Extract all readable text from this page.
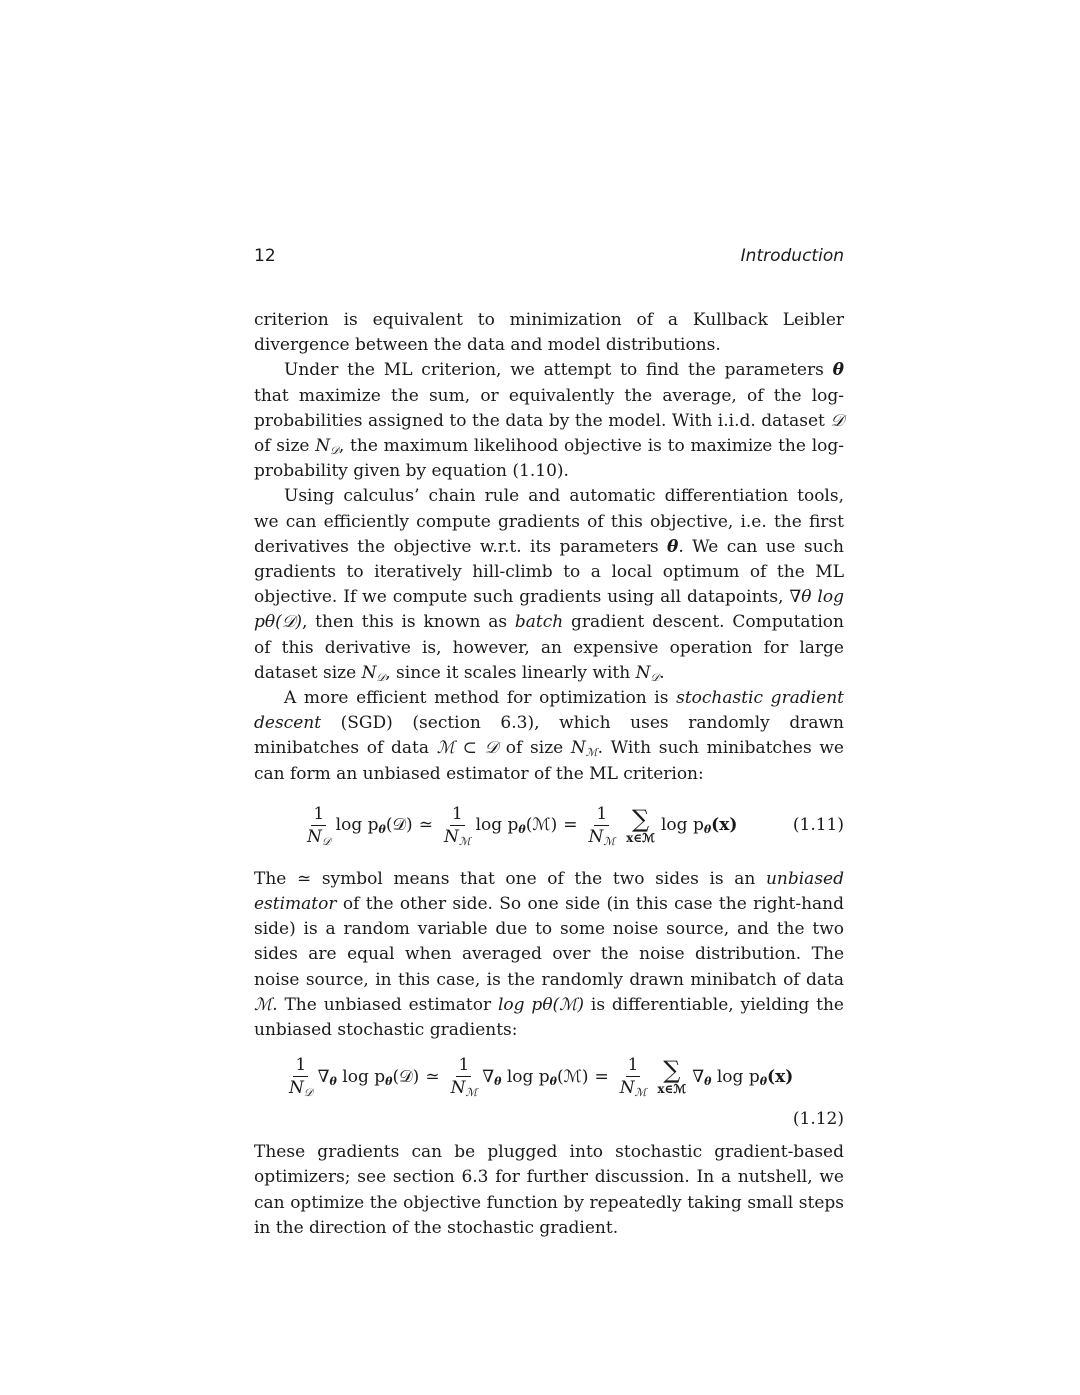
12	Introduction

criterion is equivalent to minimization of a Kullback Leibler divergence between the data and model distributions.

Under the ML criterion, we attempt to find the parameters θ that maximize the sum, or equivalently the average, of the log-probabilities assigned to the data by the model. With i.i.d. dataset 𝒟 of size $N_𝒟$, the maximum likelihood objective is to maximize the log-probability given by equation (1.10).

Using calculus’ chain rule and automatic differentiation tools, we can efficiently compute gradients of this objective, i.e. the first derivatives the objective w.r.t. its parameters θ. We can use such gradients to iteratively hill-climb to a local optimum of the ML objective. If we compute such gradients using all datapoints, ∇θ log pθ(𝒟), then this is known as batch gradient descent. Computation of this derivative is, however, an expensive operation for large dataset size $N_𝒟$, since it scales linearly with $N_𝒟$.

A more efficient method for optimization is stochastic gradient descent (SGD) (section 6.3), which uses randomly drawn minibatches of data ℳ ⊂ 𝒟 of size $N_ℳ$. With such minibatches we can form an unbiased estimator of the ML criterion:

$\frac{1}{N_𝒟}$ $\log p_\theta(𝒟)$ ≃ $\frac{1}{N_ℳ}$ $\log p_\theta(ℳ) = \frac{1}{N_ℳ}$ ∑
x∈ℳ
$\log p_\theta(x)$	(1.11)

The ≃ symbol means that one of the two sides is an unbiased estimator of the other side. So one side (in this case the right-hand side) is a random variable due to some noise source, and the two sides are equal when averaged over the noise distribution. The noise source, in this case, is the randomly drawn minibatch of data ℳ. The unbiased estimator log pθ(ℳ) is differentiable, yielding the unbiased stochastic gradients:

$\frac{1}{N_𝒟} \nabla_\theta$ $\log p_\theta(𝒟)$ ≃ $\frac{1}{N_ℳ} \nabla_\theta$ $\log p_\theta(ℳ) = \frac{1}{N_ℳ}$ ∑
x∈ℳ
$\nabla_\theta$ $\log p_\theta(x)$
(1.12)

These gradients can be plugged into stochastic gradient-based optimizers; see section 6.3 for further discussion. In a nutshell, we can optimize the objective function by repeatedly taking small steps in the direction of the stochastic gradient.
